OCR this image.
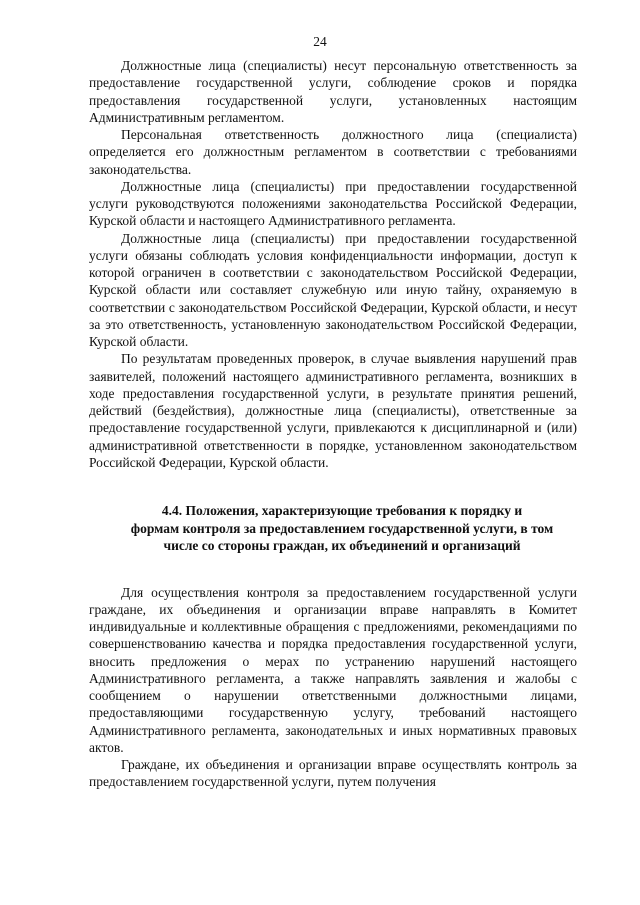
24

Должностные лица (специалисты) несут персональную ответственность за предоставление государственной услуги, соблюдение сроков и порядка предоставления государственной услуги, установленных настоящим Административным регламентом.

Персональная ответственность должностного лица (специалиста) определяется его должностным регламентом в соответствии с требованиями законодательства.

Должностные лица (специалисты) при предоставлении государственной услуги руководствуются положениями законодательства Российской Федерации, Курской области и настоящего Административного регламента.

Должностные лица (специалисты) при предоставлении государственной услуги обязаны соблюдать условия конфиденциальности информации, доступ к которой ограничен в соответствии с законодательством Российской Федерации, Курской области или составляет служебную или иную тайну, охраняемую в соответствии с законодательством Российской Федерации, Курской области, и несут за это ответственность, установленную законодательством Российской Федерации, Курской области.

По результатам проведенных проверок, в случае выявления нарушений прав заявителей, положений настоящего административного регламента, возникших в ходе предоставления государственной услуги, в результате принятия решений, действий (бездействия), должностные лица (специалисты), ответственные за предоставление государственной услуги, привлекаются к дисциплинарной и (или) административной ответственности в порядке, установленном законодательством Российской Федерации, Курской области.

4.4. Положения, характеризующие требования к порядку и
формам контроля за предоставлением государственной услуги, в том
числе со стороны граждан, их объединений и организаций

Для осуществления контроля за предоставлением государственной услуги граждане, их объединения и организации вправе направлять в Комитет индивидуальные и коллективные обращения с предложениями, рекомендациями по совершенствованию качества и порядка предоставления государственной услуги, вносить предложения о мерах по устранению нарушений настоящего Административного регламента, а также направлять заявления и жалобы с сообщением о нарушении ответственными должностными лицами, предоставляющими государственную услугу, требований настоящего Административного регламента, законодательных и иных нормативных правовых актов.

Граждане, их объединения и организации вправе осуществлять контроль за предоставлением государственной услуги, путем получения
